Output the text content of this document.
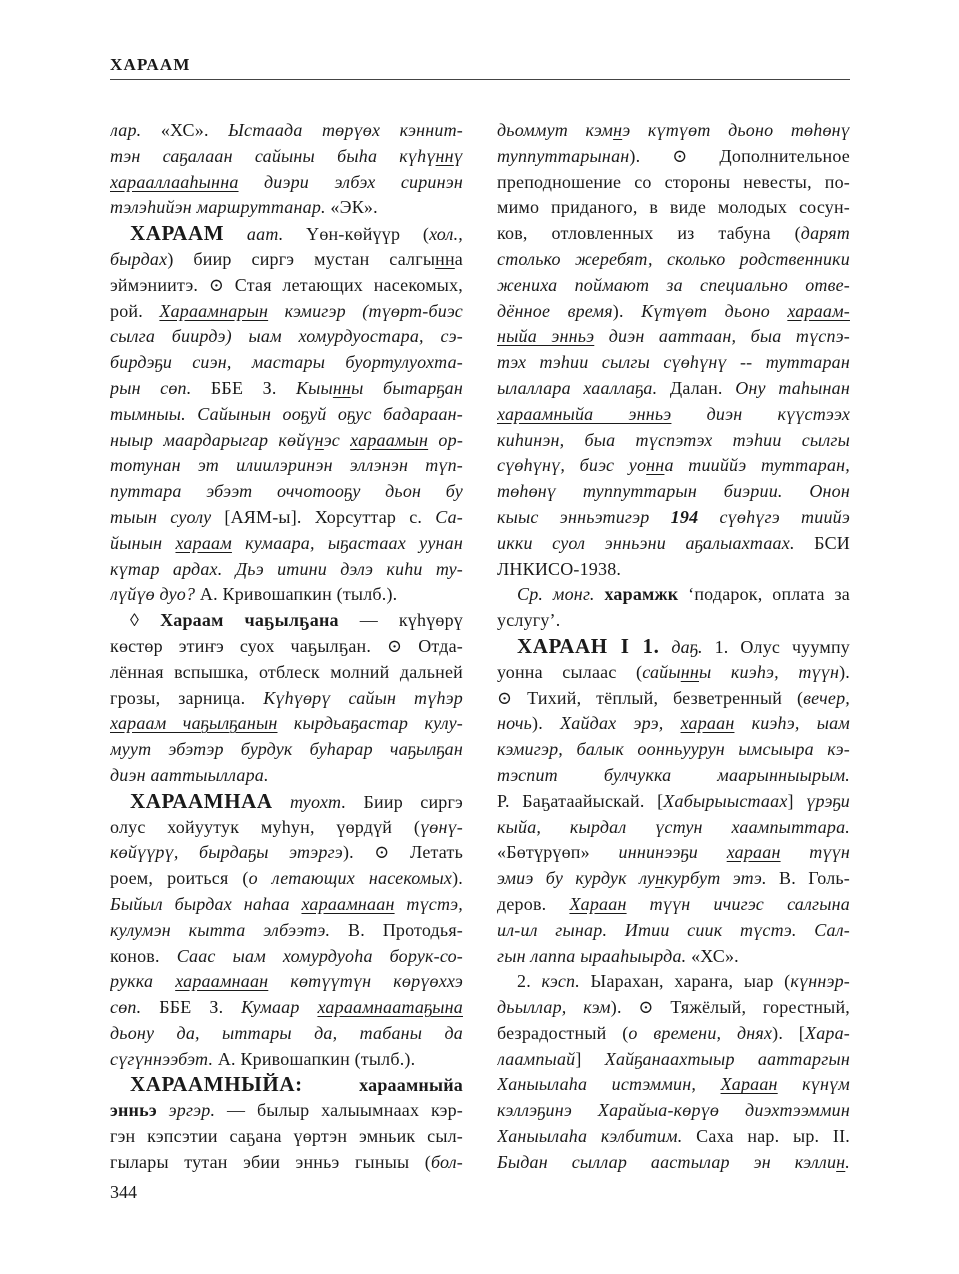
ХАРААМ
лар. «ХС». Ыстаада төрүөх кэннит-
тэн саҕалаан сайыны быһа күһүннү
харааллааһынна диэри элбэх сиринэн
тэлэһийэн маршруттанар. «ЭК».
ХАРААМ аат. Үөн-көйүүр (хол.,
бырдах) биир сиргэ мустан салгынна
эймэниитэ. ⊙ Стая летающих насекомых,
рой. Хараамнарын кэмигэр (түөрт-биэс
сылга биирдэ) ыам хомурдуостара, сэ-
бирдэҕи сиэн, мастары буортулуохта-
рын сөп. ББЕ З. Кыынны бытарҕан
тымныы. Сайынын ооҕуй оҕус бадараан-
ныыр маардарыгар көйүнэс хараамын ор-
тотунан эт илиилэринэн эллэнэн түп-
путтара эбээт оччотооҕу дьон бу
тыын суолу [АЯМ-ы]. Хорсуттар с. Са-
йынын хараам кумаара, ыҕастаах уунан
күтар ардах. Дьэ итини дэлэ киһи ту-
лүйүө дуо? А. Кривошапкин (тылб.).
◊ Хараам чаҕылҕана — күһүөрү
көстөр этиҥэ суох чаҕылҕан. ⊙ Отда-
лённая вспышка, отблеск молний дальней
грозы, зарница. Күһүөрү сайын түһэр
хараам чаҕылҕанын кырдьаҕастар кулу-
муут эбэтэр бурдук буһарар чаҕылҕан
диэн ааттыыллара.
ХАРААМНАА туохт. Биир сиргэ
олус хойуутук муһун, үөрдүй (үөнү-
көйүүрү, бырдаҕы этэргэ). ⊙ Летать
роем, роиться (о летающих насекомых).
Быйыл бырдах наһаа хараамнаан түстэ,
кулумэн кытта элбээтэ. В. Протодья-
конов. Саас ыам хомурдуоһа борук-со-
рукка хараамнаан көтүүтүн көрүөххэ
сөп. ББЕ З. Кумаар хараамнаатаҕына
дьону да, ыттары да, табаны да
сүгүннээбэт. А. Кривошапкин (тылб.).
ХАРААМНЫЙА: хараамныйа
энньэ эргэр. — былыр халыымнаах кэр-
гэн кэпсэтии саҕана үөртэн эмньик сыл-
гылары тутан эбии энньэ гыныы (бол-
дьоммут кэмнэ күтүөт дьоно төһөнү
туппуттарынан). ⊙ Дополнительное
преподношение со стороны невесты, по-
мимо приданого, в виде молодых сосун-
ков, отловленных из табуна (дарят
столько жеребят, сколько родственники
жениха поймают за специально отве-
дённое время). Күтүөт дьоно хараам-
ныйа энньэ диэн ааттаан, быа түспэ-
тэх тэһии сылгы сүөһүнү -- туттаран
ылаллара хааллаҕа. Далан. Ону таһынан
хараамныйа энньэ диэн күүстээх
киһинэн, быа түспэтэх тэһии сылгы
сүөһүнү, биэс уонна тииййэ туттаран,
төһөнү туппуттарын биэрии. Онон
кыыс энньэтигэр 194 сүөһүгэ тиийэ
икки суол энньэни аҕалыахтаах. БСИ
ЛНКИСО-1938.
Ср. монг. харамжк ‘подарок, оплата за
услугу’.
ХАРААН I 1. даҕ. 1. Олус чуумпу
уонна сылаас (сайынны киэһэ, түүн).
⊙ Тихий, тёплый, безветренный (вечер,
ночь). Хайдах эрэ, хараан киэһэ, ыам
кэмигэр, балык оонньуурун ымсыыра кэ-
тэспит булчукка маарынныырым.
Р. Баҕатаайыскай. [Хабырыыстаах] үрэҕи
кыйа, кырдал үстун хаампыттара.
«Бөтүрүөп» иннинээҕи хараан түүн
эмиэ бу курдук лункурбут этэ. В. Голь-
деров. Хараан түүн ичигэс салгына
ил-ил гынар. Итии сиик түстэ. Сал-
гын лаппа ырааһыырда. «ХС».
2. кэсп. Ыарахан, хараҥа, ыар (күннэр-
дьыллар, кэм). ⊙ Тяжёлый, горестный,
безрадостный (о времени, днях). [Хара-
лаампыай] Хайҕанаахтыыр ааттаргын
Ханыылаһа истэммин, Хараан күнүм
кэллэҕинэ Харайыа-көрүө диэхтээммин
Ханыылаһа кэлбитим. Саха нар. ыр. II.
Быдан сыллар аастылар эн кэллин.
344
